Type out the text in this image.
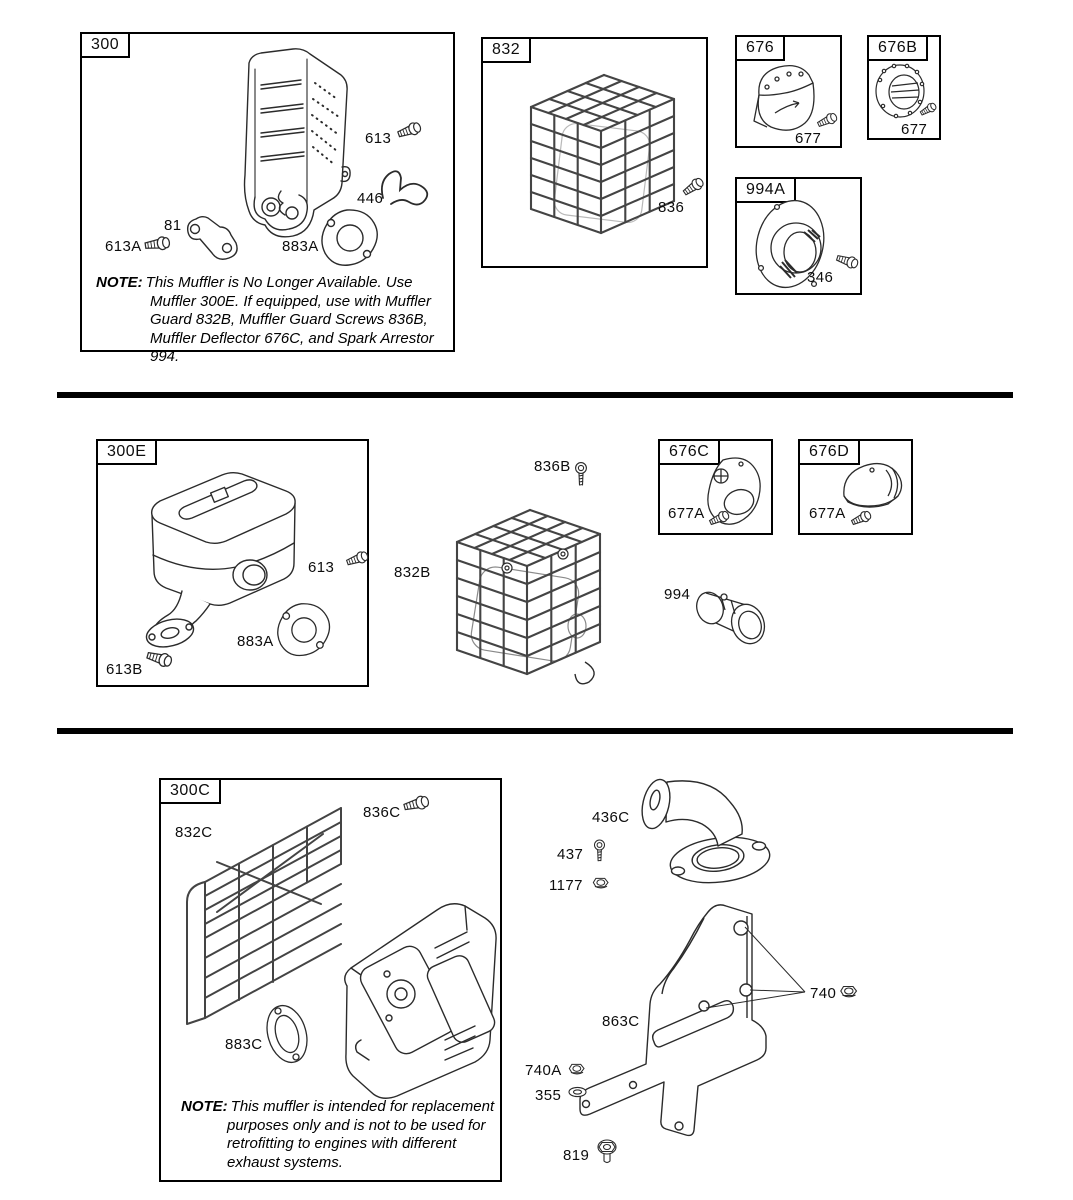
300
613
446
81
613A	883A
NOTE: This Muffler is No Longer Available. Use Muffler 300E. If equipped, use with Muffler Guard 832B, Muffler Guard Screws 836B, Muffler Deflector 676C, and Spark Arrestor 994.
832
836
676
677
676B
677
994A
346
300E
613
883A
613B
836B
832B
676C
677A
676D
677A
994
300C
832C
836C
883C
NOTE: This muffler is intended for replacement purposes only and is not to be used for retrofitting to engines with different exhaust systems.
436C
437
1177
863C
740
740A
355
819
